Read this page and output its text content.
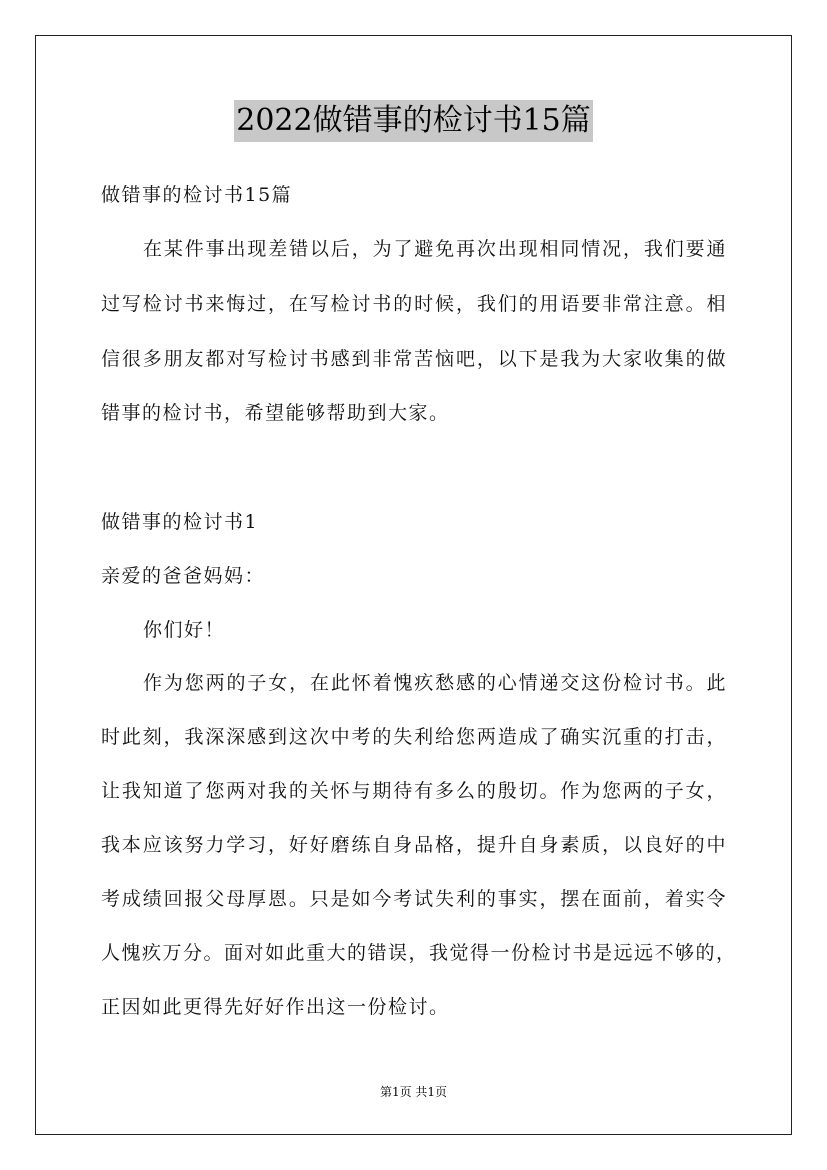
2022做错事的检讨书15篇
做错事的检讨书15篇
在某件事出现差错以后，为了避免再次出现相同情况，我们要通
过写检讨书来悔过，在写检讨书的时候，我们的用语要非常注意。相
信很多朋友都对写检讨书感到非常苦恼吧，以下是我为大家收集的做
错事的检讨书，希望能够帮助到大家。
做错事的检讨书1
亲爱的爸爸妈妈：
你们好！
作为您两的子女，在此怀着愧疚愁感的心情递交这份检讨书。此
时此刻，我深深感到这次中考的失利给您两造成了确实沉重的打击，
让我知道了您两对我的关怀与期待有多么的殷切。作为您两的子女，
我本应该努力学习，好好磨练自身品格，提升自身素质，以良好的中
考成绩回报父母厚恩。只是如今考试失利的事实，摆在面前，着实令
人愧疚万分。面对如此重大的错误，我觉得一份检讨书是远远不够的，
正因如此更得先好好作出这一份检讨。
第1页 共1页
